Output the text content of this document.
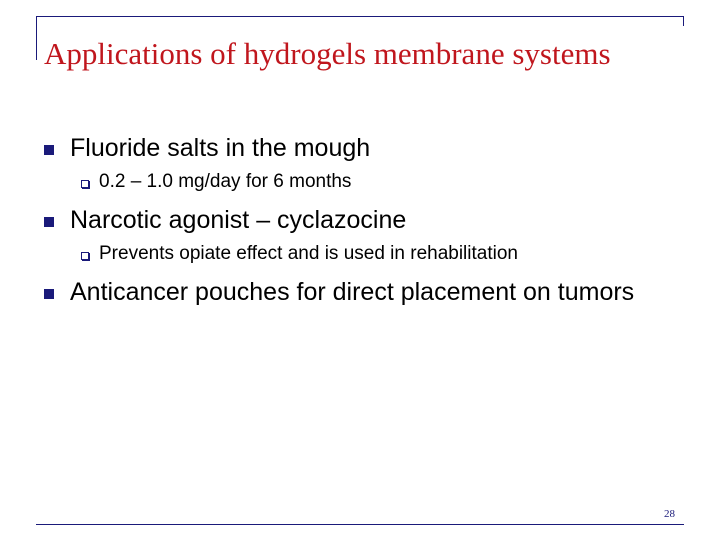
Applications of hydrogels membrane systems
Fluoride salts in the mough
0.2 – 1.0 mg/day for 6 months
Narcotic agonist – cyclazocine
Prevents opiate effect and is used in rehabilitation
Anticancer pouches for direct placement on tumors
28
